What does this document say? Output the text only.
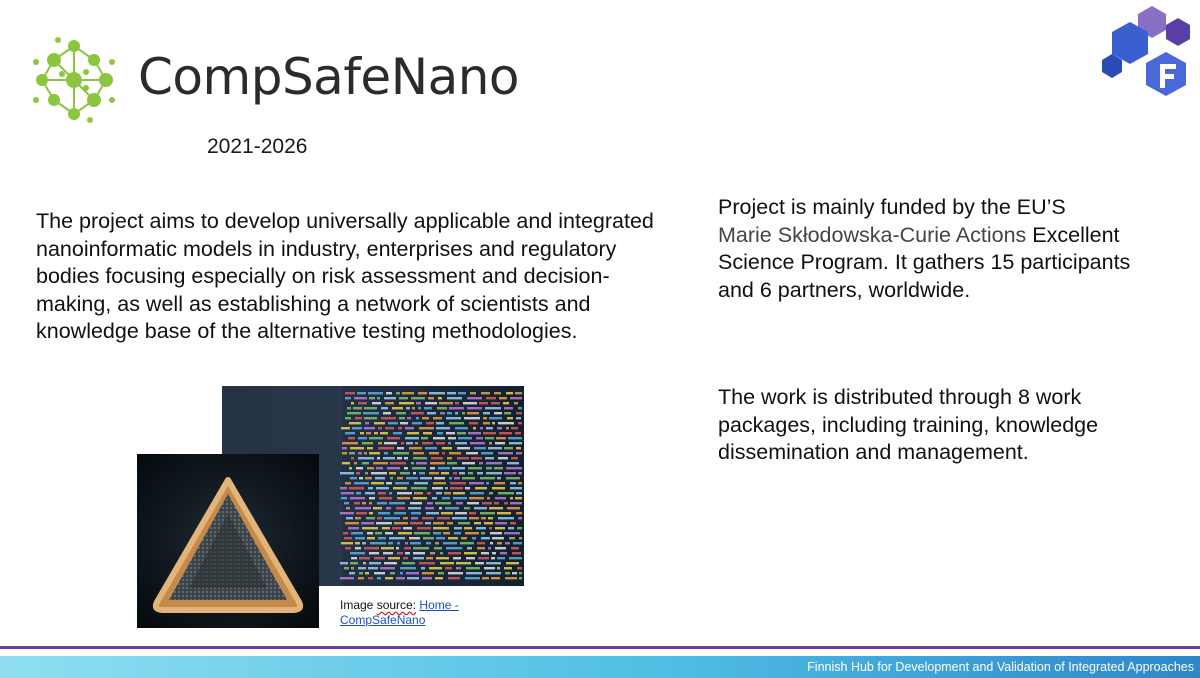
CompSafeNano
2021-2026
The project aims to develop universally applicable and integrated nanoinformatic models in industry, enterprises and regulatory bodies focusing especially on risk assessment and decision-making, as well as establishing a network of scientists and knowledge base of the alternative testing methodologies.
Project is mainly funded by the EU’S
Marie Skłodowska-Curie Actions Excellent Science Program. It gathers 15 participants and 6 partners, worldwide.
The work is distributed through 8 work packages, including training, knowledge dissemination and management.
Image source: Home - CompSafeNano
Finnish Hub for Development and Validation of Integrated Approaches
